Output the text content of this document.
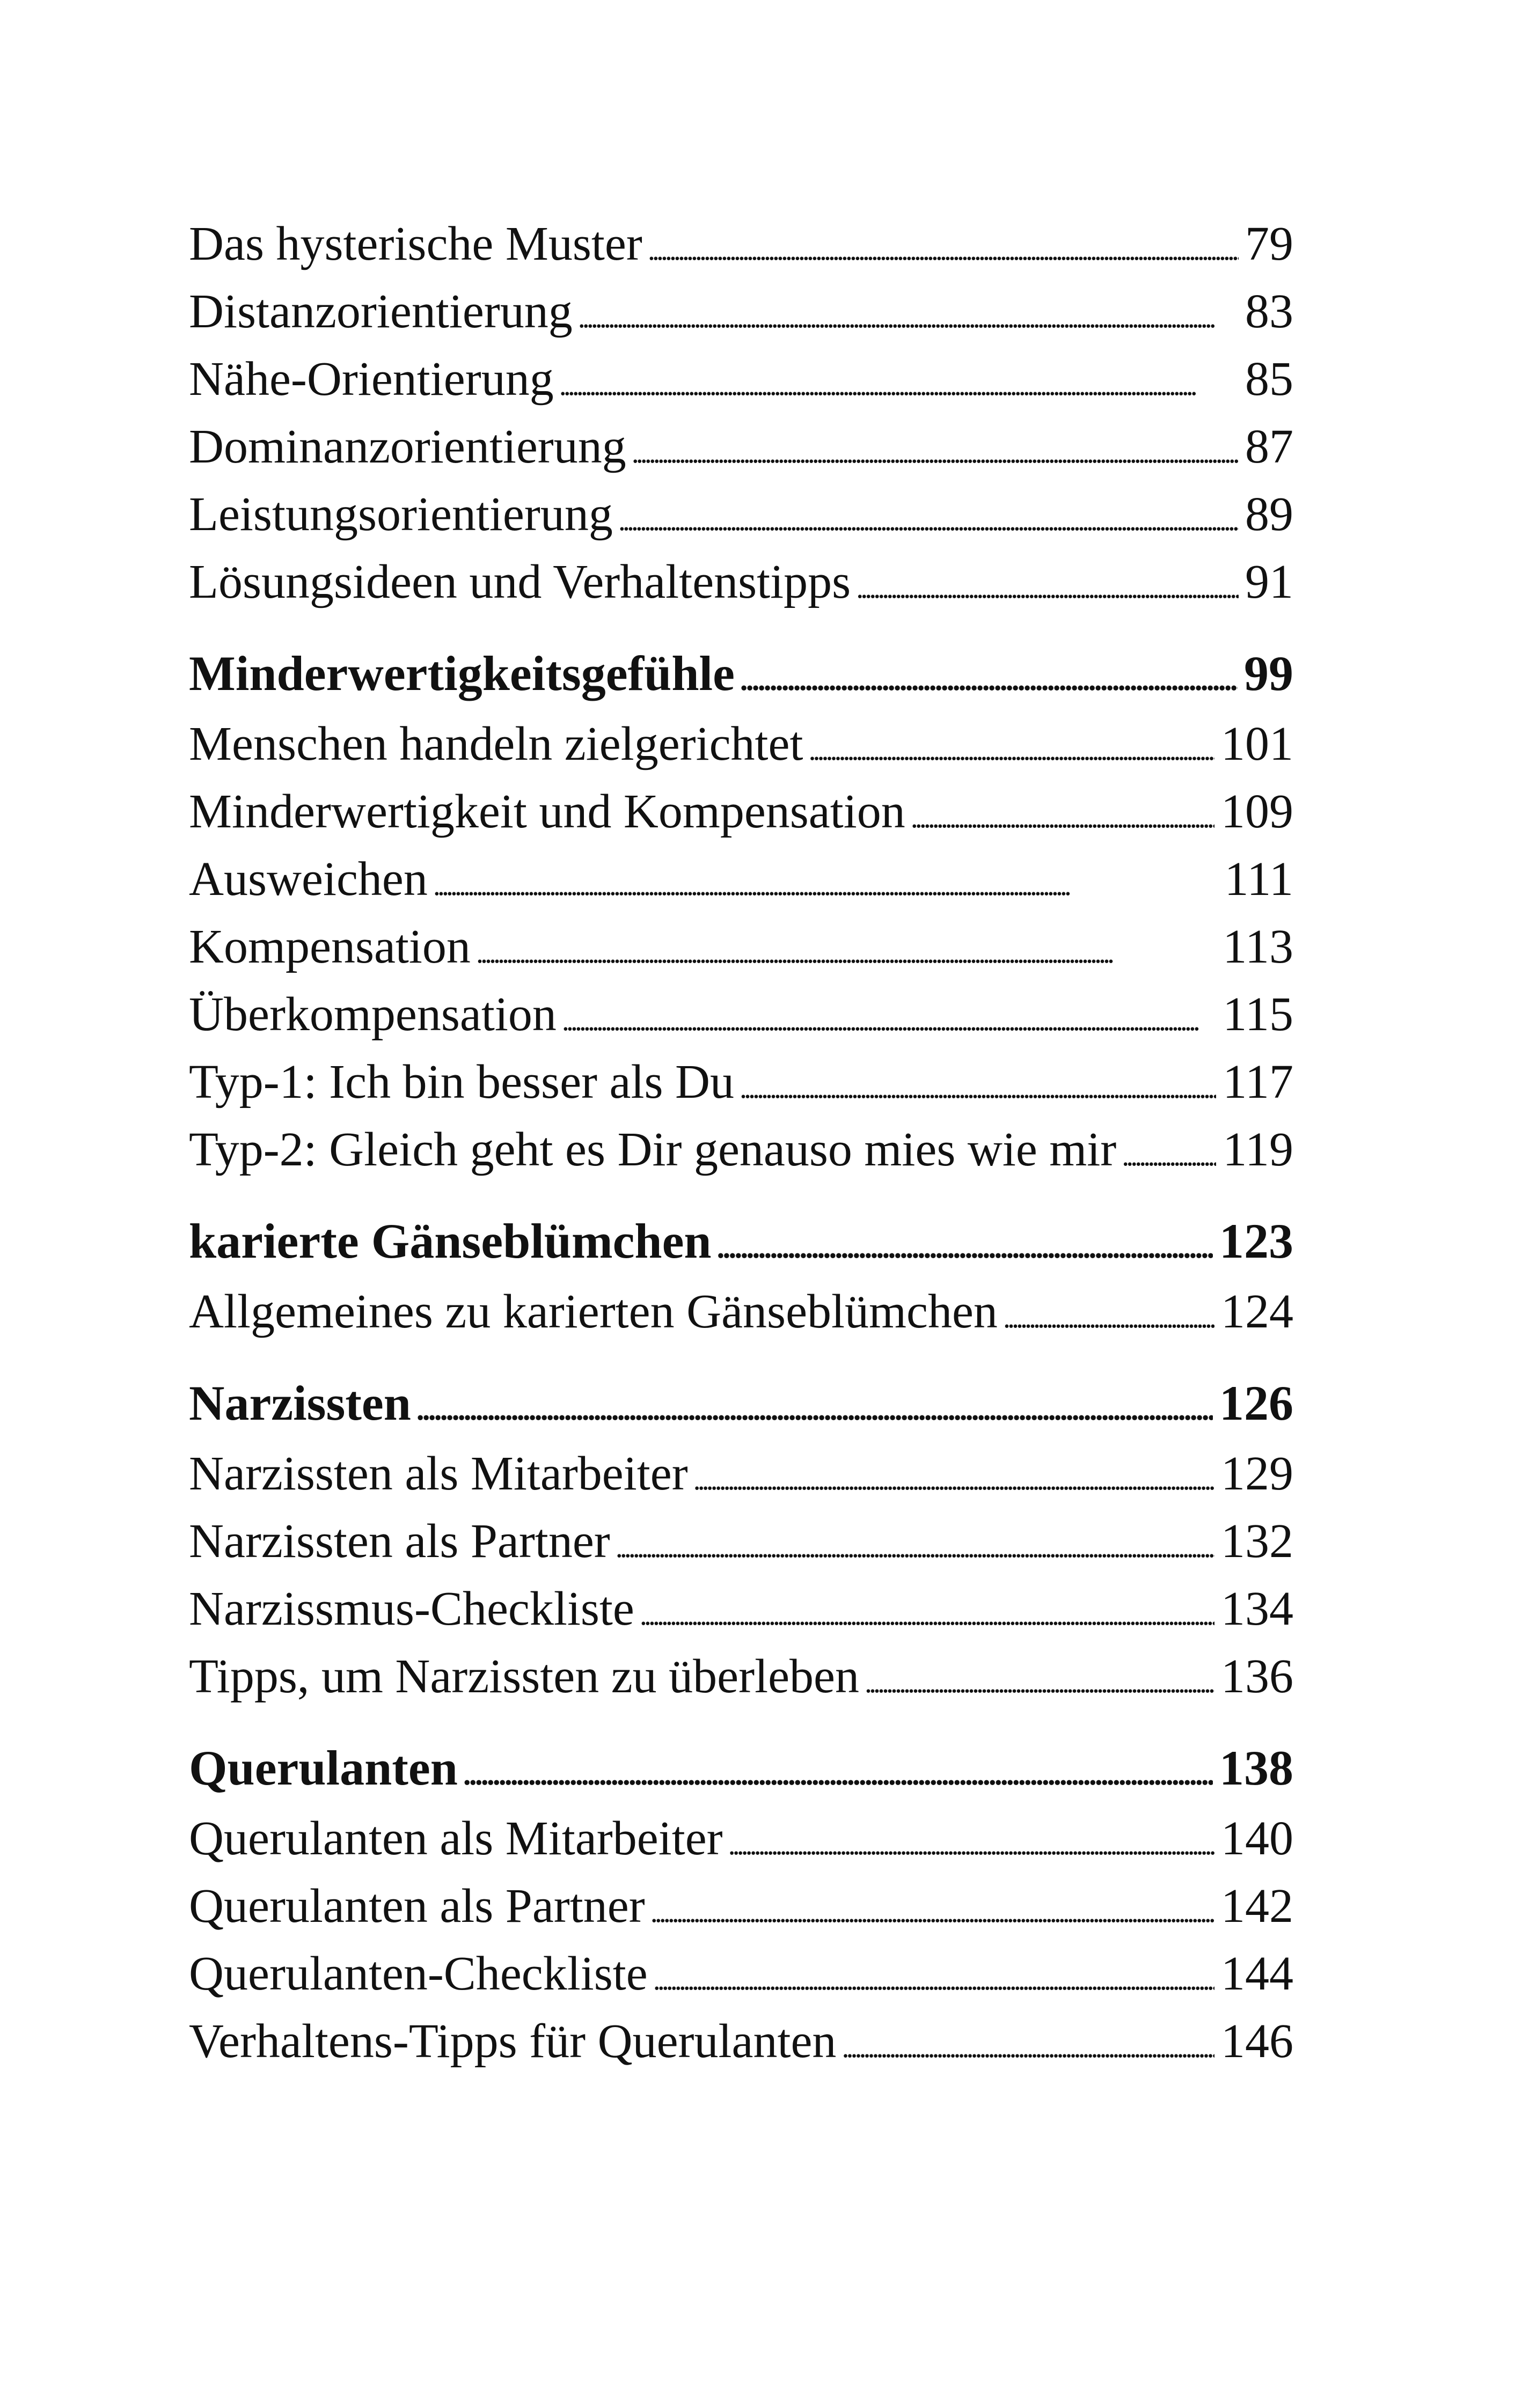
Das hysterische Muster . . .	79
Distanzorientierung . . .	83
Nähe-Orientierung . . .	85
Dominanzorientierung . . .	87
Leistungsorientierung . . .	89
Lösungsideen und Verhaltenstipps . . .	91
Minderwertigkeitsgefühle . . .	99
Menschen handeln zielgerichtet . . .	101
Minderwertigkeit und Kompensation . . .	109
Ausweichen . . .	111
Kompensation . . .	113
Überkompensation . . .	115
Typ-1: Ich bin besser als Du . . .	117
Typ-2: Gleich geht es Dir genauso mies wie mir . . . 119
karierte Gänseblümchen . . .	123
Allgemeines zu karierten Gänseblümchen . . .	124
Narzissten . . .	126
Narzissten als Mitarbeiter . . .	129
Narzissten als Partner . . .	132
Narzissmus-Checkliste . . .	134
Tipps, um Narzissten zu überleben . . .	136
Querulanten . . .	138
Querulanten als Mitarbeiter . . .	140
Querulanten als Partner . . .	142
Querulanten-Checkliste . . .	144
Verhaltens-Tipps für Querulanten . . .	146
